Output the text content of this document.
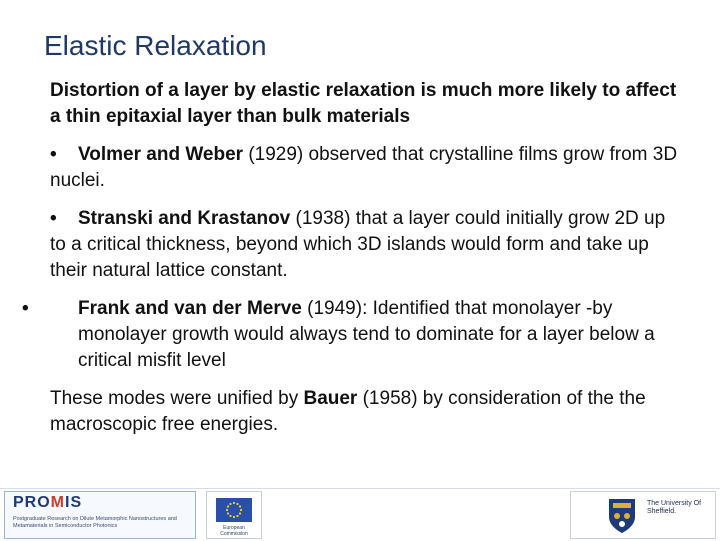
Elastic Relaxation

Distortion of a layer by elastic relaxation is much more likely to affect a thin epitaxial layer than bulk materials

• Volmer and Weber (1929) observed that crystalline films grow from 3D nuclei.

• Stranski and Krastanov (1938) that a layer could initially grow 2D up to a critical thickness, beyond which 3D islands would form and take up their natural lattice constant.

•	Frank and van der Merve (1949): Identified that monolayer -by monolayer growth would always tend to dominate for a layer below a critical misfit level

These modes were unified by Bauer (1958) by consideration of the the macroscopic free energies.

PROMIS
Postgraduate Research on Dilute Metamorphic Nanostructures and Metamaterials in Semiconductor Photonics	European Commission
The University Of Sheffield.
